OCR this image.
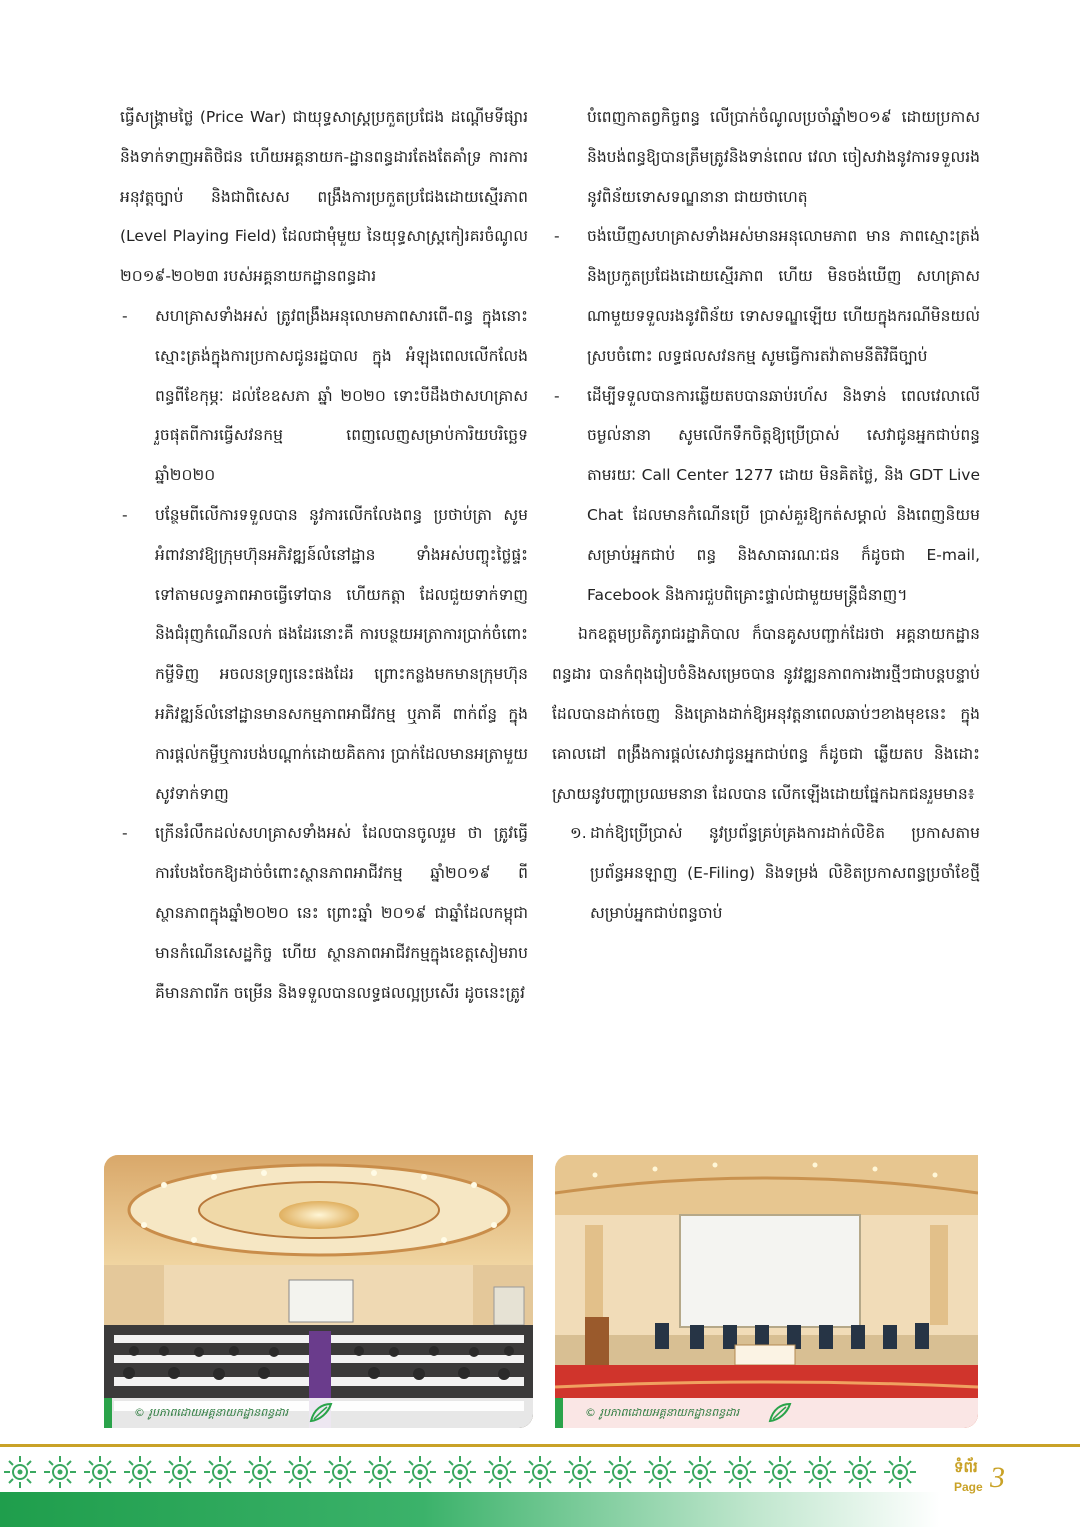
ធ្វើសង្គ្រាមថ្លៃ (Price War) ជាយុទ្ធសាស្ត្រប្រកួតប្រជែង ដណ្តើមទីផ្សារនិងទាក់ទាញអតិថិជន ហើយអគ្គនាយក-ដ្ឋានពន្ធដារតែងតែគាំទ្រ ការការអនុវត្តច្បាប់ និងជាពិសេស ពង្រឹងការប្រកួតប្រជែងដោយស្មើរភាព (Level Playing Field) ដែលជាមុំមួយ នៃយុទ្ធសាស្ត្រកៀរគរចំណូល ២០១៩-២០២៣ របស់អគ្គនាយកដ្ឋានពន្ធដារ

- សហគ្រាសទាំងអស់ ត្រូវពង្រឹងអនុលោមភាពសារពើ-ពន្ធ ក្នុងនោះស្មោះត្រង់ក្នុងការប្រកាសជូនរដ្ឋបាល ក្នុង អំឡុងពេលលើកលែងពន្ធពីខែកុម្ភៈ ដល់ខែឧសភា ឆ្នាំ ២០២០ ទោះបីដឹងថាសហគ្រាសរួចផុតពីការធ្វើសវនកម្ម ពេញលេញសម្រាប់ការិយបរិច្ឆេទឆ្នាំ២០២០

- បន្ថែមពីលើការទទួលបាន នូវការលើកលែងពន្ធ ប្រថាប់ត្រា សូមអំពាវនាវឱ្យក្រុមហ៊ុនអភិវឌ្ឍន៍លំនៅដ្ឋាន ទាំងអស់បញ្ចុះថ្លៃផ្ទះ ទៅតាមលទ្ធភាពអាចធ្វើទៅបាន ហើយកត្តា ដែលជួយទាក់ទាញនិងជំរុញកំណើនលក់ ផងដែរនោះគឺ ការបន្ថយអត្រាការប្រាក់ចំពោះកម្ចីទិញ អចលនទ្រព្យនេះផងដែរ ព្រោះកន្លងមកមានក្រុមហ៊ុន អភិវឌ្ឍន៍លំនៅដ្ឋានមានសកម្មភាពអាជីវកម្ម ឬភាគី ពាក់ព័ន្ធ ក្នុងការផ្តល់កម្ចីឬការបង់បណ្តាក់ដោយគិតការ ប្រាក់ដែលមានអត្រាមួយសូវទាក់ទាញ

- ក្រើនរំលឹកដល់សហគ្រាសទាំងអស់ ដែលបានចូលរួម ថា ត្រូវធ្វើការបែងចែកឱ្យដាច់ចំពោះស្ថានភាពអាជីវកម្ម ឆ្នាំ២០១៩ ពីស្ថានភាពក្នុងឆ្នាំ២០២០ នេះ ព្រោះឆ្នាំ ២០១៩ ជាឆ្នាំដែលកម្ពុជាមានកំណើនសេដ្ឋកិច្ច ហើយ ស្ថានភាពអាជីវកម្មក្នុងខេត្តសៀមរាប គឺមានភាពរីក ចម្រើន និងទទួលបានលទ្ធផលល្អប្រសើរ ដូចនេះត្រូវ

បំពេញកាតព្វកិច្ចពន្ធ លើប្រាក់ចំណូលប្រចាំឆ្នាំ២០១៩ ដោយប្រកាស និងបង់ពន្ធឱ្យបានត្រឹមត្រូវនិងទាន់ពេល វេលា ចៀសវាងនូវការទទួលរងនូវពិន័យទោសទណ្ឌនានា ជាយថាហេតុ

- ចង់ឃើញសហគ្រាសទាំងអស់មានអនុលោមភាព មាន ភាពស្មោះត្រង់ និងប្រកួតប្រជែងដោយស្មើរភាព ហើយ មិនចង់ឃើញ សហគ្រាសណាមួយទទួលរងនូវពិន័យ ទោសទណ្ឌឡើយ ហើយក្នុងករណីមិនយល់ស្របចំពោះ លទ្ធផលសវនកម្ម សូមធ្វើការតវ៉ាតាមនីតិវិធីច្បាប់

- ដើម្បីទទួលបានការឆ្លើយតបបានឆាប់រហ័ស និងទាន់ ពេលវេលាលើ ចម្ងល់នានា សូមលើកទឹកចិត្តឱ្យប្រើប្រាស់ សេវាជូនអ្នកជាប់ពន្ធតាមរយៈ Call Center 1277 ដោយ មិនគិតថ្លៃ, និង GDT Live Chat ដែលមានកំណើនប្រើ ប្រាស់គួរឱ្យកត់សម្គាល់ និងពេញនិយមសម្រាប់អ្នកជាប់ ពន្ធ និងសាធារណៈជន ក៏ដូចជា E-mail, Facebook និងការជួបពិគ្រោះផ្ទាល់ជាមួយមន្ត្រីជំនាញ។

ឯកឧត្តមប្រតិភូរាជរដ្ឋាភិបាល ក៏បានគូសបញ្ជាក់ដែរថា អគ្គនាយកដ្ឋានពន្ធដារ បានកំពុងរៀបចំនិងសម្រេចបាន នូវវឌ្ឍនភាពការងារថ្មីៗជាបន្តបន្ទាប់ ដែលបានដាក់ចេញ និងគ្រោងដាក់ឱ្យអនុវត្តនាពេលឆាប់ៗខាងមុខនេះ ក្នុង គោលដៅ ពង្រឹងការផ្តល់សេវាជូនអ្នកជាប់ពន្ធ ក៏ដូចជា ឆ្លើយតប និងដោះស្រាយនូវបញ្ហាប្រឈមនានា ដែលបាន លើកឡើងដោយផ្នែកឯកជនរួមមាន៖

១. ដាក់ឱ្យប្រើប្រាស់ នូវប្រព័ន្ធគ្រប់គ្រងការដាក់លិខិត ប្រកាសតាមប្រព័ន្ធអនឡាញ (E-Filing) និងទម្រង់ លិខិតប្រកាសពន្ធប្រចាំខែថ្មី សម្រាប់អ្នកជាប់ពន្ធចាប់

© រូបភាពដោយអគ្គនាយកដ្ឋានពន្ធដារ	© រូបភាពដោយអគ្គនាយកដ្ឋានពន្ធដារ
ទំព័រ
Page 3
